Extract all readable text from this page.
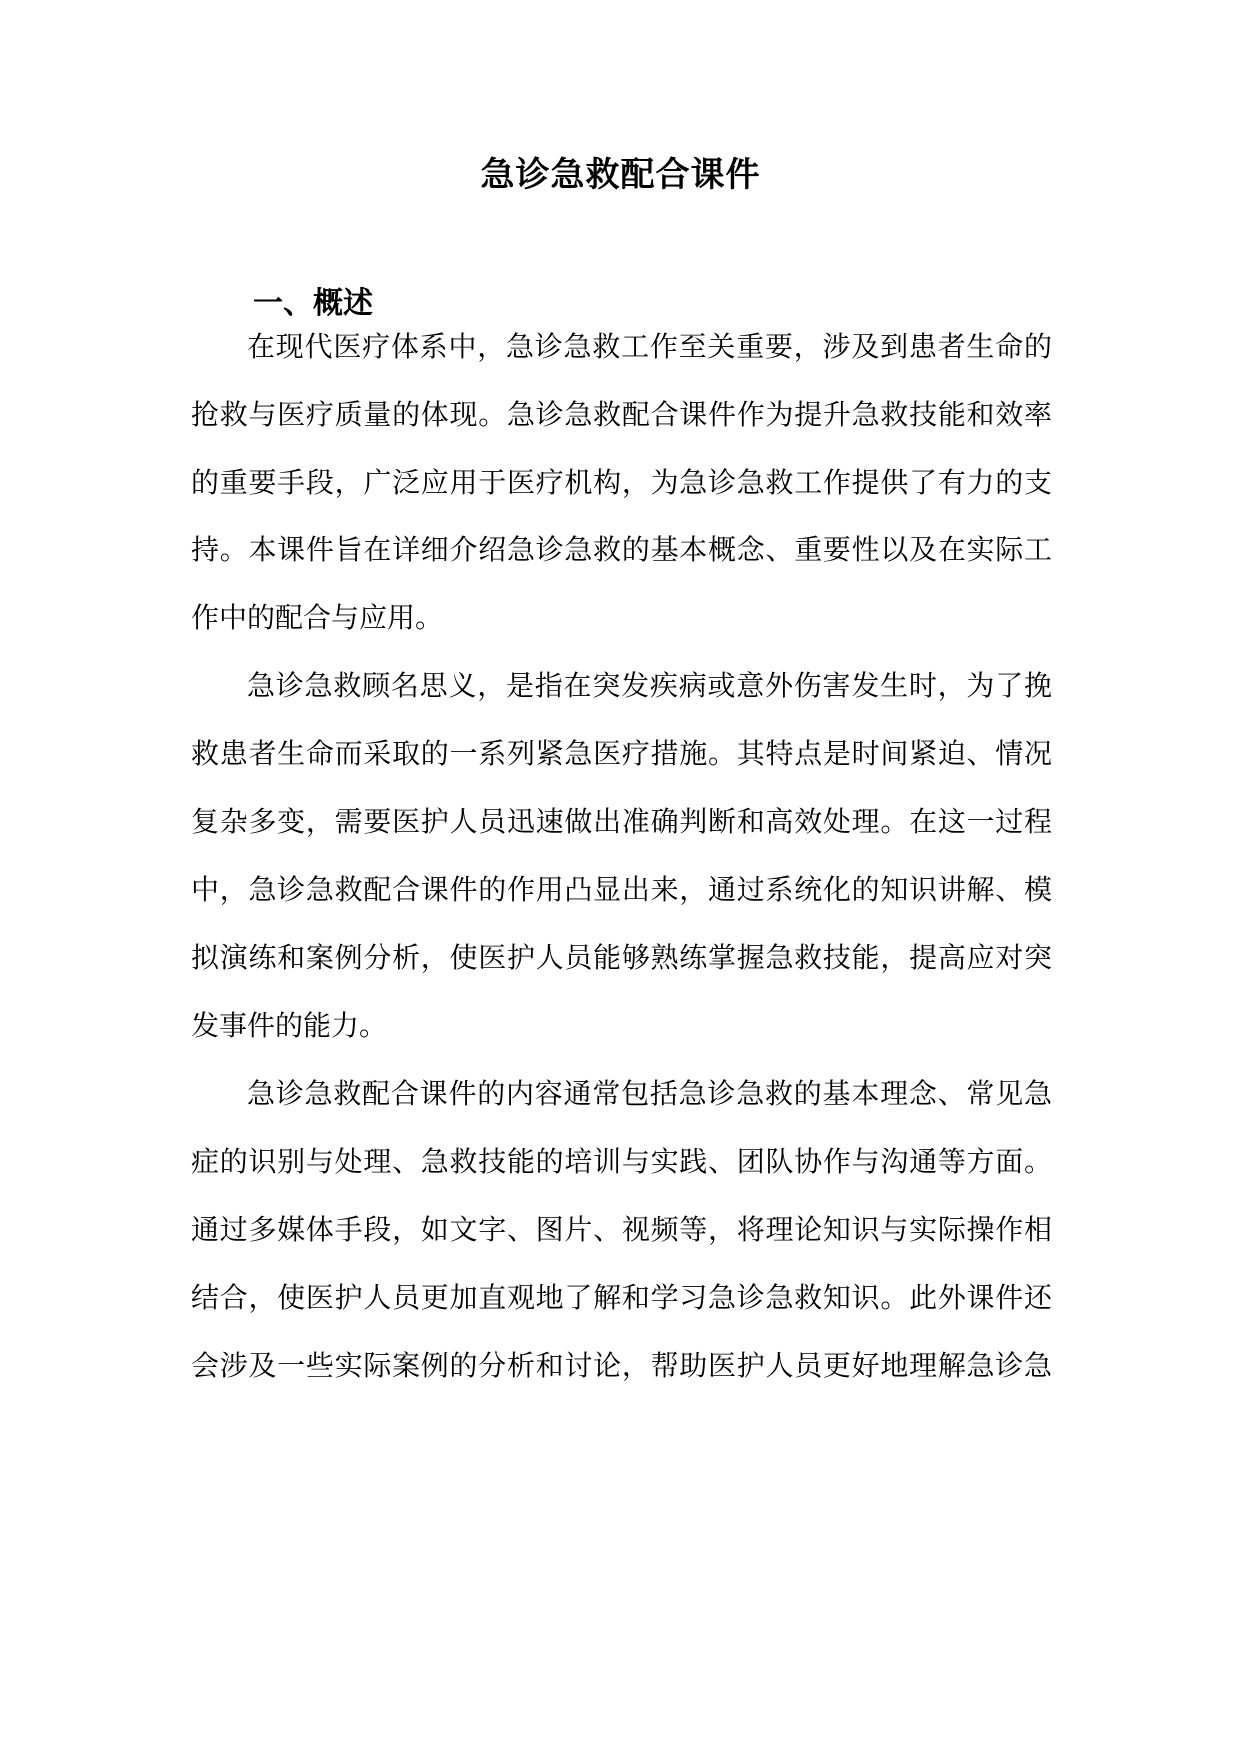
急诊急救配合课件
一、概述
在现代医疗体系中，急诊急救工作至关重要，涉及到患者生命的
抢救与医疗质量的体现。急诊急救配合课件作为提升急救技能和效率
的重要手段，广泛应用于医疗机构，为急诊急救工作提供了有力的支
持。本课件旨在详细介绍急诊急救的基本概念、重要性以及在实际工
作中的配合与应用。
急诊急救顾名思义，是指在突发疾病或意外伤害发生时，为了挽
救患者生命而采取的一系列紧急医疗措施。其特点是时间紧迫、情况
复杂多变，需要医护人员迅速做出准确判断和高效处理。在这一过程
中，急诊急救配合课件的作用凸显出来，通过系统化的知识讲解、模
拟演练和案例分析，使医护人员能够熟练掌握急救技能，提高应对突
发事件的能力。
急诊急救配合课件的内容通常包括急诊急救的基本理念、常见急
症的识别与处理、急救技能的培训与实践、团队协作与沟通等方面。
通过多媒体手段，如文字、图片、视频等，将理论知识与实际操作相
结合，使医护人员更加直观地了解和学习急诊急救知识。此外课件还
会涉及一些实际案例的分析和讨论，帮助医护人员更好地理解急诊急
